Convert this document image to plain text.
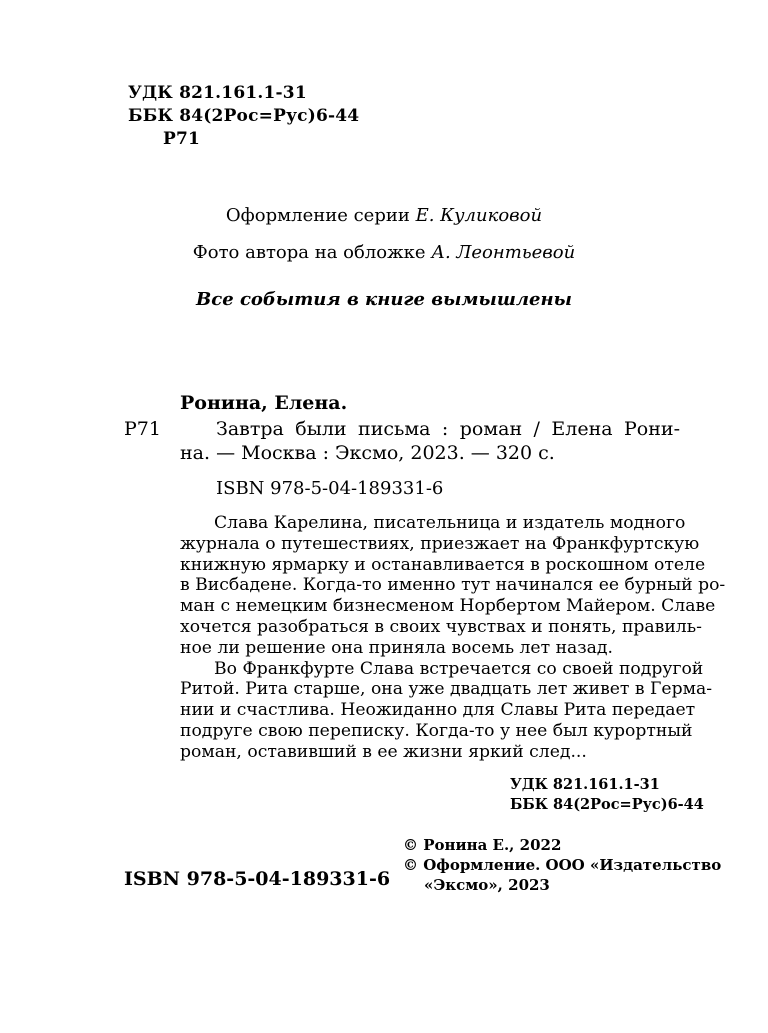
УДК 821.161.1-31
ББК 84(2Рос=Рус)6-44
Р71
Оформление серии Е. Куликовой
Фото автора на обложке А. Леонтьевой
Все события в книге вымышлены
Ронина, Елена.
Р71	Завтра были письма : роман / Елена Рони-
на. — Москва : Эксмо, 2023. — 320 с.
ISBN 978-5-04-189331-6
Слава Карелина, писательница и издатель модного
журнала о путешествиях, приезжает на Франкфуртскую
книжную ярмарку и останавливается в роскошном отеле
в Висбадене. Когда-то именно тут начинался ее бурный ро-
ман с немецким бизнесменом Норбертом Майером. Славе
хочется разобраться в своих чувствах и понять, правиль-
ное ли решение она приняла восемь лет назад.
Во Франкфурте Слава встречается со своей подругой
Ритой. Рита старше, она уже двадцать лет живет в Герма-
нии и счастлива. Неожиданно для Славы Рита передает
подруге свою переписку. Когда-то у нее был курортный
роман, оставивший в ее жизни яркий след...
УДК 821.161.1-31
ББК 84(2Рос=Рус)6-44
© Ронина Е., 2022
© Оформление. ООО «Издательство
«Эксмо», 2023
ISBN 978-5-04-189331-6
